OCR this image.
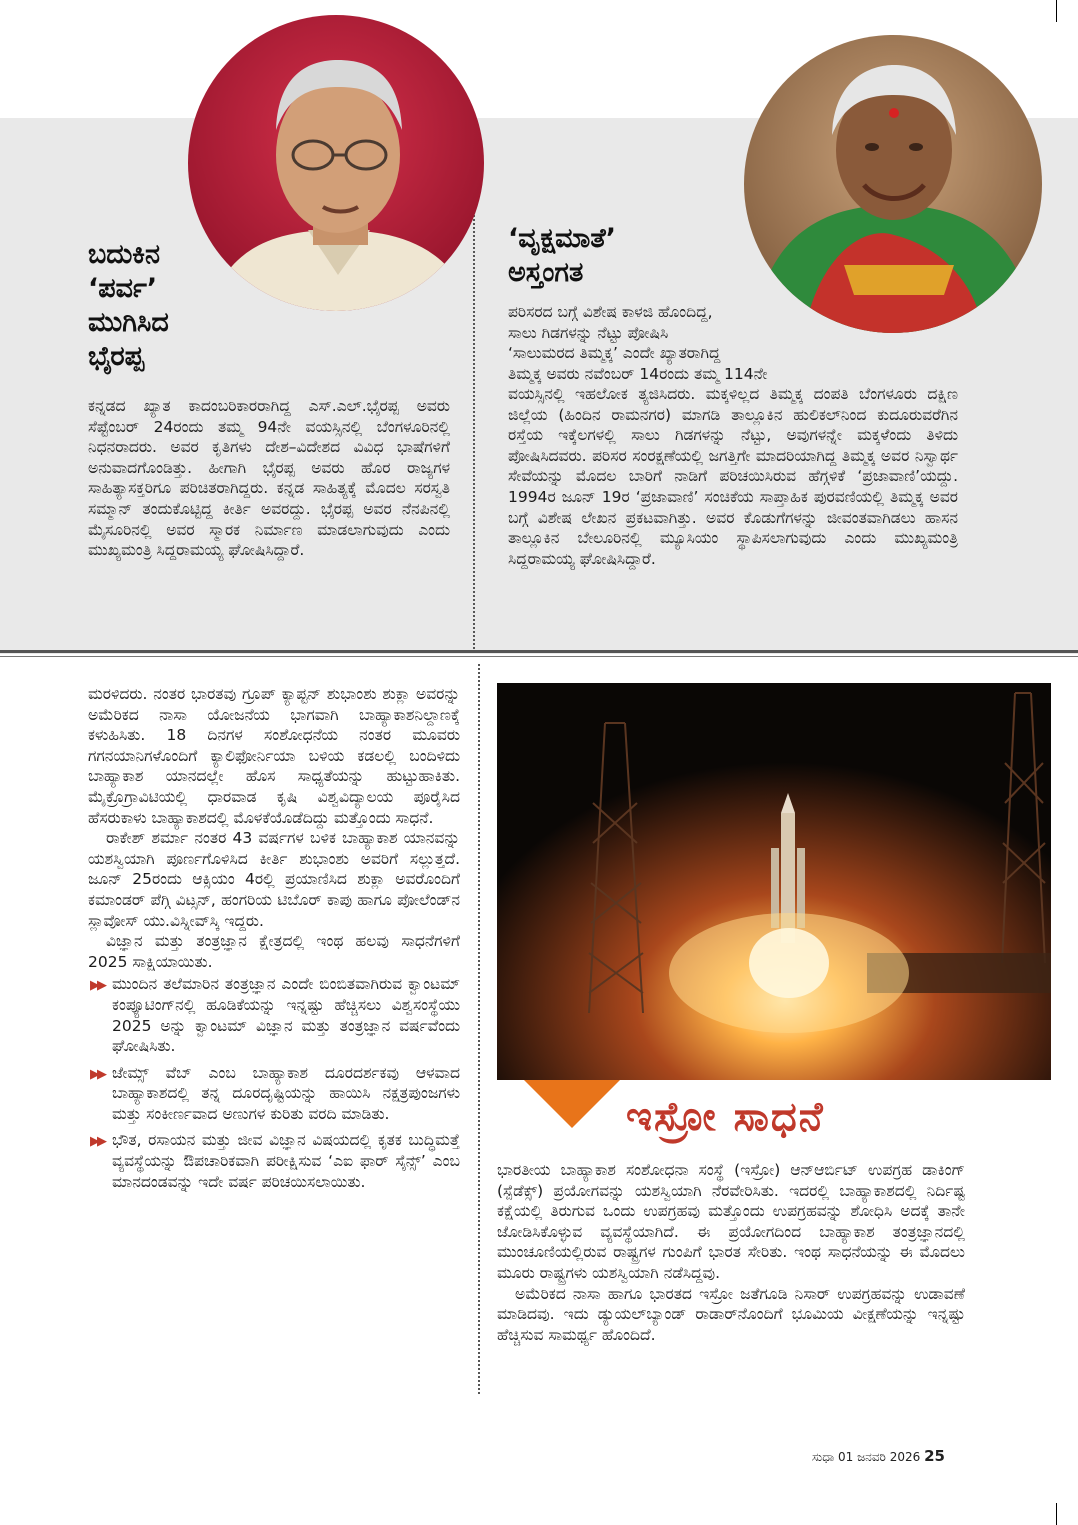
ಬದುಕಿನ
‘ಪರ್ವ’
ಮುಗಿಸಿದ
ಭೈರಪ್ಪ
ಕನ್ನಡದ ಖ್ಯಾತ ಕಾದಂಬರಿಕಾರರಾಗಿದ್ದ ಎಸ್.ಎಲ್.ಭೈರಪ್ಪ ಅವರು ಸೆಪ್ಟೆಂಬರ್ 24ರಂದು ತಮ್ಮ 94ನೇ ವಯಸ್ಸಿನಲ್ಲಿ ಬೆಂಗಳೂರಿನಲ್ಲಿ ನಿಧನರಾದರು. ಅವರ ಕೃತಿಗಳು ದೇಶ–ವಿದೇಶದ ವಿವಿಧ ಭಾಷೆಗಳಿಗೆ ಅನುವಾದಗೊಂಡಿತ್ತು. ಹೀಗಾಗಿ ಭೈರಪ್ಪ ಅವರು ಹೊರ ರಾಜ್ಯಗಳ ಸಾಹಿತ್ಯಾಸಕ್ತರಿಗೂ ಪರಿಚಿತರಾಗಿದ್ದರು. ಕನ್ನಡ ಸಾಹಿತ್ಯಕ್ಕೆ ಮೊದಲ ಸರಸ್ವತಿ ಸಮ್ಮಾನ್ ತಂದುಕೊಟ್ಟಿದ್ದ ಕೀರ್ತಿ ಅವರದ್ದು. ಭೈರಪ್ಪ ಅವರ ನೆನಪಿನಲ್ಲಿ ಮೈಸೂರಿನಲ್ಲಿ ಅವರ ಸ್ಮಾರಕ ನಿರ್ಮಾಣ ಮಾಡಲಾಗುವುದು ಎಂದು ಮುಖ್ಯಮಂತ್ರಿ ಸಿದ್ದರಾಮಯ್ಯ ಘೋಷಿಸಿದ್ದಾರೆ.
‘ವೃಕ್ಷಮಾತೆ’
ಅಸ್ತಂಗತ
ಪರಿಸರದ ಬಗ್ಗೆ ವಿಶೇಷ ಕಾಳಜಿ ಹೊಂದಿದ್ದ,
ಸಾಲು ಗಿಡಗಳನ್ನು ನೆಟ್ಟು ಪೋಷಿಸಿ
‘ಸಾಲುಮರದ ತಿಮ್ಮಕ್ಕ’ ಎಂದೇ ಖ್ಯಾತರಾಗಿದ್ದ
ತಿಮ್ಮಕ್ಕ ಅವರು ನವೆಂಬರ್ 14ರಂದು ತಮ್ಮ 114ನೇ
ವಯಸ್ಸಿನಲ್ಲಿ ಇಹಲೋಕ ತ್ಯಜಿಸಿದರು. ಮಕ್ಕಳಿಲ್ಲದ ತಿಮ್ಮಕ್ಕ ದಂಪತಿ ಬೆಂಗಳೂರು ದಕ್ಷಿಣ ಜಿಲ್ಲೆಯ (ಹಿಂದಿನ ರಾಮನಗರ) ಮಾಗಡಿ ತಾಲ್ಲೂಕಿನ ಹುಲಿಕಲ್‌ನಿಂದ ಕುದೂರುವರೆಗಿನ ರಸ್ತೆಯ ಇಕ್ಕೆಲಗಳಲ್ಲಿ ಸಾಲು ಗಿಡಗಳನ್ನು ನೆಟ್ಟು, ಅವುಗಳನ್ನೇ ಮಕ್ಕಳೆಂದು ತಿಳಿದು ಪೋಷಿಸಿದವರು. ಪರಿಸರ ಸಂರಕ್ಷಣೆಯಲ್ಲಿ ಜಗತ್ತಿಗೇ ಮಾದರಿಯಾಗಿದ್ದ ತಿಮ್ಮಕ್ಕ ಅವರ ನಿಸ್ವಾರ್ಥ ಸೇವೆಯನ್ನು ಮೊದಲ ಬಾರಿಗೆ ನಾಡಿಗೆ ಪರಿಚಯಿಸಿರುವ ಹೆಗ್ಗಳಿಕೆ ‘ಪ್ರಜಾವಾಣಿ’ಯದ್ದು. 1994ರ ಜೂನ್ 19ರ ‘ಪ್ರಜಾವಾಣಿ’ ಸಂಚಿಕೆಯ ಸಾಪ್ತಾಹಿಕ ಪುರವಣಿಯಲ್ಲಿ ತಿಮ್ಮಕ್ಕ ಅವರ ಬಗ್ಗೆ ವಿಶೇಷ ಲೇಖನ ಪ್ರಕಟವಾಗಿತ್ತು. ಅವರ ಕೊಡುಗೆಗಳನ್ನು ಜೀವಂತವಾಗಿಡಲು ಹಾಸನ ತಾಲ್ಲೂಕಿನ ಬೇಲೂರಿನಲ್ಲಿ ಮ್ಯೂಸಿಯಂ ಸ್ಥಾಪಿಸಲಾಗುವುದು ಎಂದು ಮುಖ್ಯಮಂತ್ರಿ ಸಿದ್ದರಾಮಯ್ಯ ಘೋಷಿಸಿದ್ದಾರೆ.

ಮರಳಿದರು. ನಂತರ ಭಾರತವು ಗ್ರೂಪ್ ಕ್ಯಾಪ್ಟನ್ ಶುಭಾಂಶು ಶುಕ್ಲಾ ಅವರನ್ನು ಅಮೆರಿಕದ ನಾಸಾ ಯೋಜನೆಯ ಭಾಗವಾಗಿ ಬಾಹ್ಯಾಕಾಶನಿಲ್ದಾಣಕ್ಕೆ ಕಳುಹಿಸಿತು. 18 ದಿನಗಳ ಸಂಶೋಧನೆಯ ನಂತರ ಮೂವರು ಗಗನಯಾನಿಗಳೊಂದಿಗೆ ಕ್ಯಾಲಿಫೋರ್ನಿಯಾ ಬಳಿಯ ಕಡಲಲ್ಲಿ ಬಂದಿಳಿದು ಬಾಹ್ಯಾಕಾಶ ಯಾನದಲ್ಲೇ ಹೊಸ ಸಾಧ್ಯತೆಯನ್ನು ಹುಟ್ಟುಹಾಕಿತು. ಮೈಕ್ರೊಗ್ರಾವಿಟಿಯಲ್ಲಿ ಧಾರವಾಡ ಕೃಷಿ ವಿಶ್ವವಿದ್ಯಾಲಯ ಪೂರೈಸಿದ ಹೆಸರುಕಾಳು ಬಾಹ್ಯಾಕಾಶದಲ್ಲಿ ಮೊಳಕೆಯೊಡೆದಿದ್ದು ಮತ್ತೊಂದು ಸಾಧನೆ.

ರಾಕೇಶ್ ಶರ್ಮಾ ನಂತರ 43 ವರ್ಷಗಳ ಬಳಿಕ ಬಾಹ್ಯಾಕಾಶ ಯಾನವನ್ನು ಯಶಸ್ವಿಯಾಗಿ ಪೂರ್ಣಗೊಳಿಸಿದ ಕೀರ್ತಿ ಶುಭಾಂಶು ಅವರಿಗೆ ಸಲ್ಲುತ್ತದೆ. ಜೂನ್ 25ರಂದು ಆಕ್ಸಿಯಂ 4ರಲ್ಲಿ ಪ್ರಯಾಣಿಸಿದ ಶುಕ್ಲಾ ಅವರೊಂದಿಗೆ ಕಮಾಂಡರ್ ಪೆಗ್ಗಿ ವಿಟ್ಸನ್, ಹಂಗರಿಯ ಟಿಬೊರ್ ಕಾಪು ಹಾಗೂ ಪೋಲೆಂಡ್‌ನ ಸ್ಲಾವೋಸ್ ಯು.ವಿಸ್ನೀವ್‌ಸ್ಕಿ ಇದ್ದರು.

ವಿಜ್ಞಾನ ಮತ್ತು ತಂತ್ರಜ್ಞಾನ ಕ್ಷೇತ್ರದಲ್ಲಿ ಇಂಥ ಹಲವು ಸಾಧನೆಗಳಿಗೆ 2025 ಸಾಕ್ಷಿಯಾಯಿತು.

▶▶ ಮುಂದಿನ ತಲೆಮಾರಿನ ತಂತ್ರಜ್ಞಾನ ಎಂದೇ ಬಿಂಬಿತವಾಗಿರುವ ಕ್ವಾಂಟಮ್ ಕಂಪ್ಯೂಟಿಂಗ್‌ನಲ್ಲಿ ಹೂಡಿಕೆಯನ್ನು ಇನ್ನಷ್ಟು ಹೆಚ್ಚಿಸಲು ವಿಶ್ವಸಂಸ್ಥೆಯು 2025 ಅನ್ನು ಕ್ವಾಂಟಮ್ ವಿಜ್ಞಾನ ಮತ್ತು ತಂತ್ರಜ್ಞಾನ ವರ್ಷವೆಂದು ಘೋಷಿಸಿತು.
▶▶ ಜೇಮ್ಸ್ ವೆಬ್ ಎಂಬ ಬಾಹ್ಯಾಕಾಶ ದೂರದರ್ಶಕವು ಆಳವಾದ ಬಾಹ್ಯಾಕಾಶದಲ್ಲಿ ತನ್ನ ದೂರದೃಷ್ಟಿಯನ್ನು ಹಾಯಿಸಿ ನಕ್ಷತ್ರಪುಂಜಗಳು ಮತ್ತು ಸಂಕೀರ್ಣವಾದ ಅಣುಗಳ ಕುರಿತು ವರದಿ ಮಾಡಿತು.
▶▶ ಭೌತ, ರಸಾಯನ ಮತ್ತು ಜೀವ ವಿಜ್ಞಾನ ವಿಷಯದಲ್ಲಿ ಕೃತಕ ಬುದ್ಧಿಮತ್ತೆ ವ್ಯವಸ್ಥೆಯನ್ನು ಔಪಚಾರಿಕವಾಗಿ ಪರೀಕ್ಷಿಸುವ ‘ಎಐ ಫಾರ್ ಸೈನ್ಸ್’ ಎಂಬ ಮಾನದಂಡವನ್ನು ಇದೇ ವರ್ಷ ಪರಿಚಯಿಸಲಾಯಿತು.
ಇಸ್ರೋ ಸಾಧನೆ

ಭಾರತೀಯ ಬಾಹ್ಯಾಕಾಶ ಸಂಶೋಧನಾ ಸಂಸ್ಥೆ (ಇಸ್ರೋ) ಆನ್‌ಆರ್ಬಿಟ್ ಉಪಗ್ರಹ ಡಾಕಿಂಗ್ (ಸ್ಪೆಡೆಕ್ಸ್) ಪ್ರಯೋಗವನ್ನು ಯಶಸ್ವಿಯಾಗಿ ನೆರವೇರಿಸಿತು. ಇದರಲ್ಲಿ ಬಾಹ್ಯಾಕಾಶದಲ್ಲಿ ನಿರ್ದಿಷ್ಟ ಕಕ್ಷೆಯಲ್ಲಿ ತಿರುಗುವ ಒಂದು ಉಪಗ್ರಹವು ಮತ್ತೊಂದು ಉಪಗ್ರಹವನ್ನು ಶೋಧಿಸಿ ಅದಕ್ಕೆ ತಾನೇ ಜೋಡಿಸಿಕೊಳ್ಳುವ ವ್ಯವಸ್ಥೆಯಾಗಿದೆ. ಈ ಪ್ರಯೋಗದಿಂದ ಬಾಹ್ಯಾಕಾಶ ತಂತ್ರಜ್ಞಾನದಲ್ಲಿ ಮುಂಚೂಣಿಯಲ್ಲಿರುವ ರಾಷ್ಟ್ರಗಳ ಗುಂಪಿಗೆ ಭಾರತ ಸೇರಿತು. ಇಂಥ ಸಾಧನೆಯನ್ನು ಈ ಮೊದಲು ಮೂರು ರಾಷ್ಟ್ರಗಳು ಯಶಸ್ವಿಯಾಗಿ ನಡೆಸಿದ್ದವು.

ಅಮೆರಿಕದ ನಾಸಾ ಹಾಗೂ ಭಾರತದ ಇಸ್ರೋ ಜತೆಗೂಡಿ ನಿಸಾರ್ ಉಪಗ್ರಹವನ್ನು ಉಡಾವಣೆ ಮಾಡಿದವು. ಇದು ಡ್ಯುಯಲ್‌ಬ್ಯಾಂಡ್ ರಾಡಾರ್‌ನೊಂದಿಗೆ ಭೂಮಿಯ ವೀಕ್ಷಣೆಯನ್ನು ಇನ್ನಷ್ಟು ಹೆಚ್ಚಿಸುವ ಸಾಮರ್ಥ್ಯ ಹೊಂದಿದೆ.

ಸುಧಾ 01 ಜನವರಿ 2026 25
